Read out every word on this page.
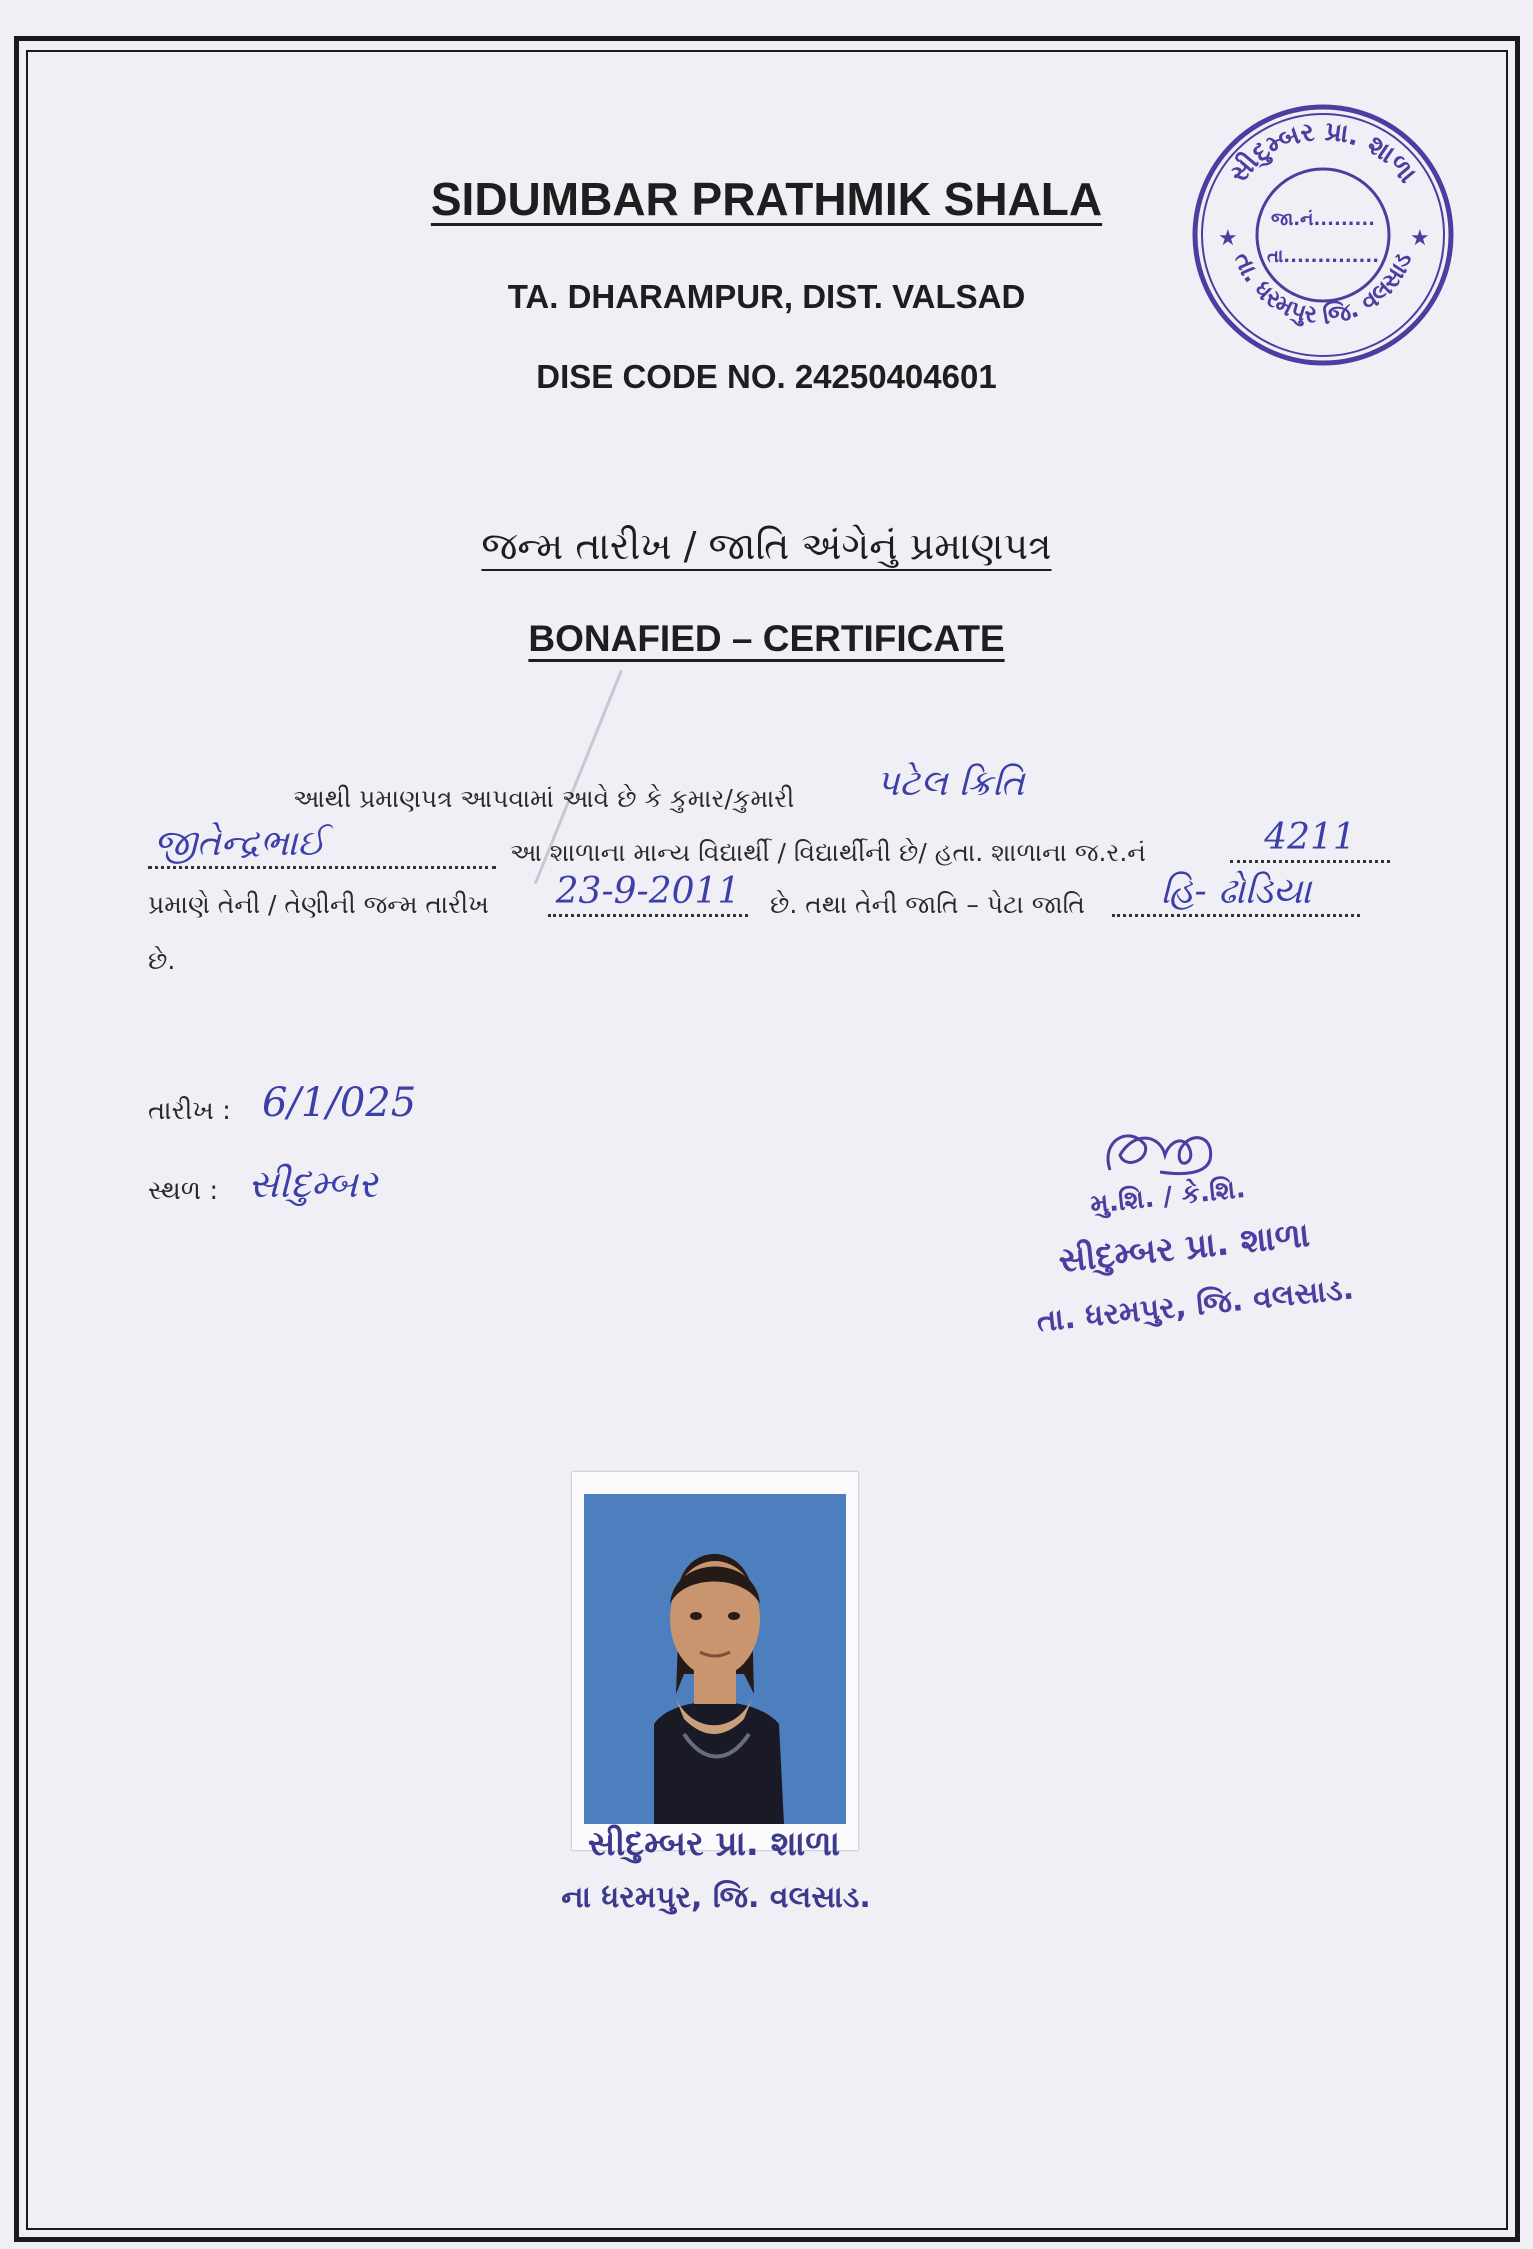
SIDUMBAR PRATHMIK SHALA
TA. DHARAMPUR, DIST. VALSAD
DISE CODE NO. 24250404601
જન્મ તારીખ / જાતિ અંગેનું પ્રમાણપત્ર
BONAFIED – CERTIFICATE
સીદુમ્બર પ્રા. શાળા
તા. ધરમપુર જિ. વલસાડ
★	★
જા.નં.........
તા..............
આથી પ્રમાણપત્ર આપવામાં આવે છે કે કુમાર/કુમારી પટેલ ક્રિતિ
જીતેન્દ્રભાઈ	આ શાળાના માન્ય વિદ્યાર્થી / વિદ્યાર્થીની છે/ હતા. શાળાના જ.ર.નં	4211
પ્રમાણે તેની / તેણીની જન્મ તારીખ 23-9-2011	છે. તથા તેની જાતિ – પેટા જાતિ	હિ- ઢોડિયા
છે.
તારીખ : 6/1/025
સ્થળ : સીદુમ્બર	મુ.શિ. / કે.શિ.
સીદુમ્બર પ્રા. શાળા
તા. ધરમપુર, જિ. વલસાડ.
સીદુમ્બર પ્રા. શાળા
ના ધરમપુર, જિ. વલસાડ.
